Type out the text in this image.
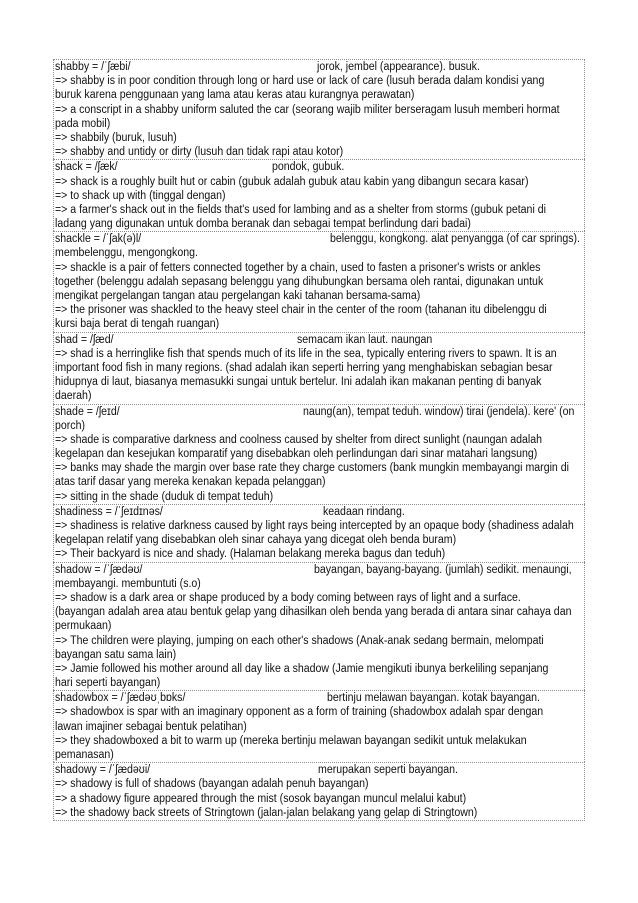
shabby = /ˈʃæbi/	jorok, jembel (appearance). busuk.
=> shabby is in poor condition through long or hard use or lack of care (lusuh berada dalam kondisi yang
buruk karena penggunaan yang lama atau keras atau kurangnya perawatan)
=> a conscript in a shabby uniform saluted the car (seorang wajib militer berseragam lusuh memberi hormat
pada mobil)
=> shabbily (buruk, lusuh)
=> shabby and untidy or dirty (lusuh dan tidak rapi atau kotor)
shack = /ʃæk/	pondok, gubuk.
=> shack is a roughly built hut or cabin (gubuk adalah gubuk atau kabin yang dibangun secara kasar)
=> to shack up with (tinggal dengan)
=> a farmer's shack out in the fields that's used for lambing and as a shelter from storms (gubuk petani di
ladang yang digunakan untuk domba beranak dan sebagai tempat berlindung dari badai)
shackle = /ˈʃak(ə)l/	belenggu, kongkong. alat penyangga (of car springs).
membelenggu, mengongkong.
=> shackle is a pair of fetters connected together by a chain, used to fasten a prisoner's wrists or ankles
together (belenggu adalah sepasang belenggu yang dihubungkan bersama oleh rantai, digunakan untuk
mengikat pergelangan tangan atau pergelangan kaki tahanan bersama-sama)
=> the prisoner was shackled to the heavy steel chair in the center of the room (tahanan itu dibelenggu di
kursi baja berat di tengah ruangan)
shad = /ʃæd/	semacam ikan laut. naungan
=> shad is a herringlike fish that spends much of its life in the sea, typically entering rivers to spawn. It is an
important food fish in many regions. (shad adalah ikan seperti herring yang menghabiskan sebagian besar
hidupnya di laut, biasanya memasukki sungai untuk bertelur. Ini adalah ikan makanan penting di banyak
daerah)
shade = /ʃeɪd/	naung(an), tempat teduh. window) tirai (jendela). kere' (on
porch)
=> shade is comparative darkness and coolness caused by shelter from direct sunlight (naungan adalah
kegelapan dan kesejukan komparatif yang disebabkan oleh perlindungan dari sinar matahari langsung)
=> banks may shade the margin over base rate they charge customers (bank mungkin membayangi margin di
atas tarif dasar yang mereka kenakan kepada pelanggan)
=> sitting in the shade (duduk di tempat teduh)
shadiness = /ˈʃeɪdɪnəs/	keadaan rindang.
=> shadiness is relative darkness caused by light rays being intercepted by an opaque body (shadiness adalah
kegelapan relatif yang disebabkan oleh sinar cahaya yang dicegat oleh benda buram)
=> Their backyard is nice and shady. (Halaman belakang mereka bagus dan teduh)
shadow = /ˈʃædəʊ/	bayangan, bayang-bayang. (jumlah) sedikit. menaungi,
membayangi. membuntuti (s.o)
=> shadow is a dark area or shape produced by a body coming between rays of light and a surface.
(bayangan adalah area atau bentuk gelap yang dihasilkan oleh benda yang berada di antara sinar cahaya dan
permukaan)
=> The children were playing, jumping on each other's shadows (Anak-anak sedang bermain, melompati
bayangan satu sama lain)
=> Jamie followed his mother around all day like a shadow (Jamie mengikuti ibunya berkeliling sepanjang
hari seperti bayangan)
shadowbox = /ˈʃædəʊˌbɒks/	bertinju melawan bayangan. kotak bayangan.
=> shadowbox is spar with an imaginary opponent as a form of training (shadowbox adalah spar dengan
lawan imajiner sebagai bentuk pelatihan)
=> they shadowboxed a bit to warm up (mereka bertinju melawan bayangan sedikit untuk melakukan
pemanasan)
shadowy = /ˈʃædəʊi/	merupakan seperti bayangan.
=> shadowy is full of shadows (bayangan adalah penuh bayangan)
=> a shadowy figure appeared through the mist (sosok bayangan muncul melalui kabut)
=> the shadowy back streets of Stringtown (jalan-jalan belakang yang gelap di Stringtown)
